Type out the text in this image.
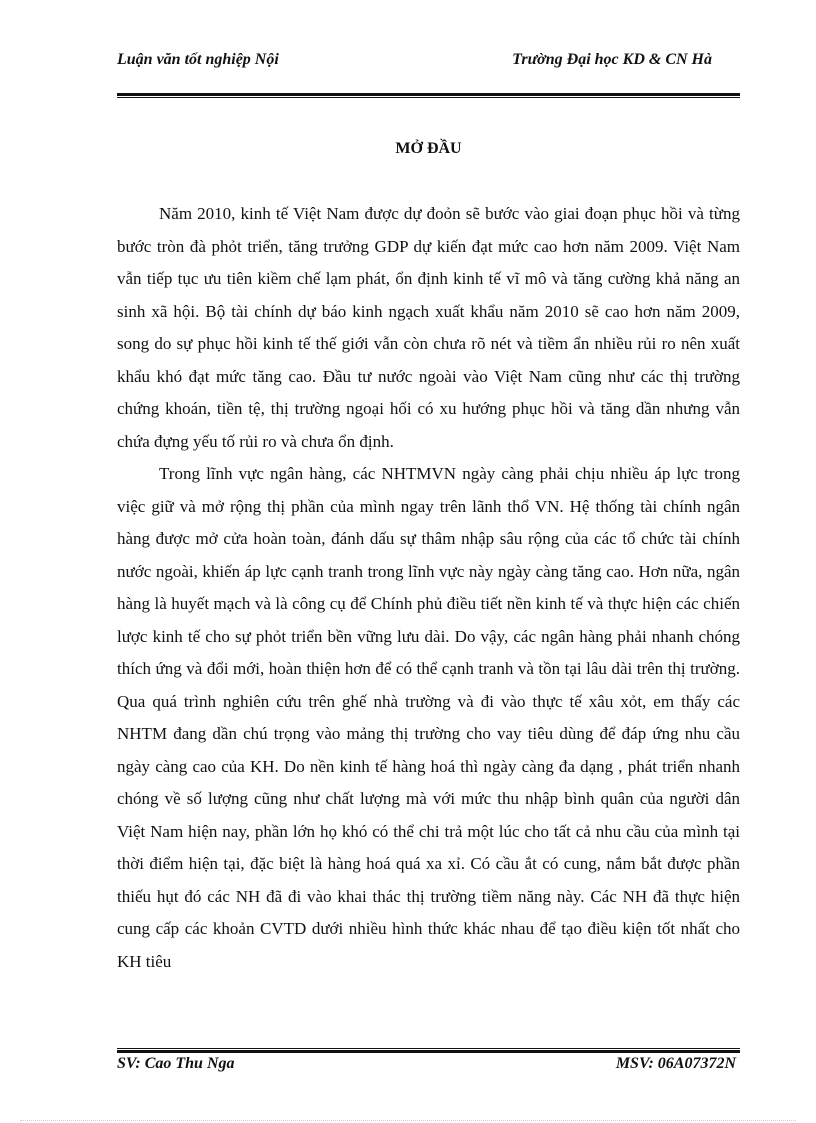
Luận văn tốt nghiệp Nội	Trường Đại học KD & CN Hà
MỞ ĐẦU

Năm 2010, kinh tế Việt Nam được dự đoỏn sẽ bước vào giai đoạn phục hồi và từng bước tròn đà phỏt triển, tăng trưởng GDP dự kiến đạt mức cao hơn năm 2009. Việt Nam vẫn tiếp tục ưu tiên kiềm chế lạm phát, ổn định kinh tế vĩ mô và tăng cường khả năng an sinh xã hội. Bộ tài chính dự báo kinh ngạch xuất khẩu năm 2010 sẽ cao hơn năm 2009, song do sự phục hồi kinh tế thế giới vẫn còn chưa rõ nét và tiềm ẩn nhiều rủi ro nên xuất khẩu khó đạt mức tăng cao. Đầu tư nước ngoài vào Việt Nam cũng như các thị trường chứng khoán, tiền tệ, thị trường ngoại hối có xu hướng phục hồi và tăng dần nhưng vẫn chứa đựng yếu tố rủi ro và chưa ổn định.

Trong lĩnh vực ngân hàng, các NHTMVN ngày càng phải chịu nhiều áp lực trong việc giữ và mở rộng thị phần của mình ngay trên lãnh thổ VN. Hệ thống tài chính ngân hàng được mở cửa hoàn toàn, đánh dấu sự thâm nhập sâu rộng của các tổ chức tài chính nước ngoài, khiến áp lực cạnh tranh trong lĩnh vực này ngày càng tăng cao. Hơn nữa, ngân hàng là huyết mạch và là công cụ để Chính phủ điều tiết nền kinh tế và thực hiện các chiến lược kinh tế cho sự phỏt triển bền vững lưu dài. Do vậy, các ngân hàng phải nhanh chóng thích ứng và đổi mới, hoàn thiện hơn để có thể cạnh tranh và tồn tại lâu dài trên thị trường. Qua quá trình nghiên cứu trên ghế nhà trường và đi vào thực tế xâu xỏt, em thấy các NHTM đang dần chú trọng vào mảng thị trường cho vay tiêu dùng để đáp ứng nhu cầu ngày càng cao của KH. Do nền kinh tế hàng hoá thì ngày càng đa dạng , phát triển nhanh chóng về số lượng cũng như chất lượng mà với mức thu nhập bình quân của người dân Việt Nam hiện nay, phần lớn họ khó có thể chi trả một lúc cho tất cả nhu cầu của mình tại thời điểm hiện tại, đặc biệt là hàng hoá quá xa xỉ. Có cầu ắt có cung, nắm bắt được phần thiếu hụt đó các NH đã đi vào khai thác thị trường tiềm năng này. Các NH đã thực hiện cung cấp các khoản CVTD dưới nhiều hình thức khác nhau để tạo điều kiện tốt nhất cho KH tiêu

SV: Cao Thu Nga	MSV: 06A07372N
